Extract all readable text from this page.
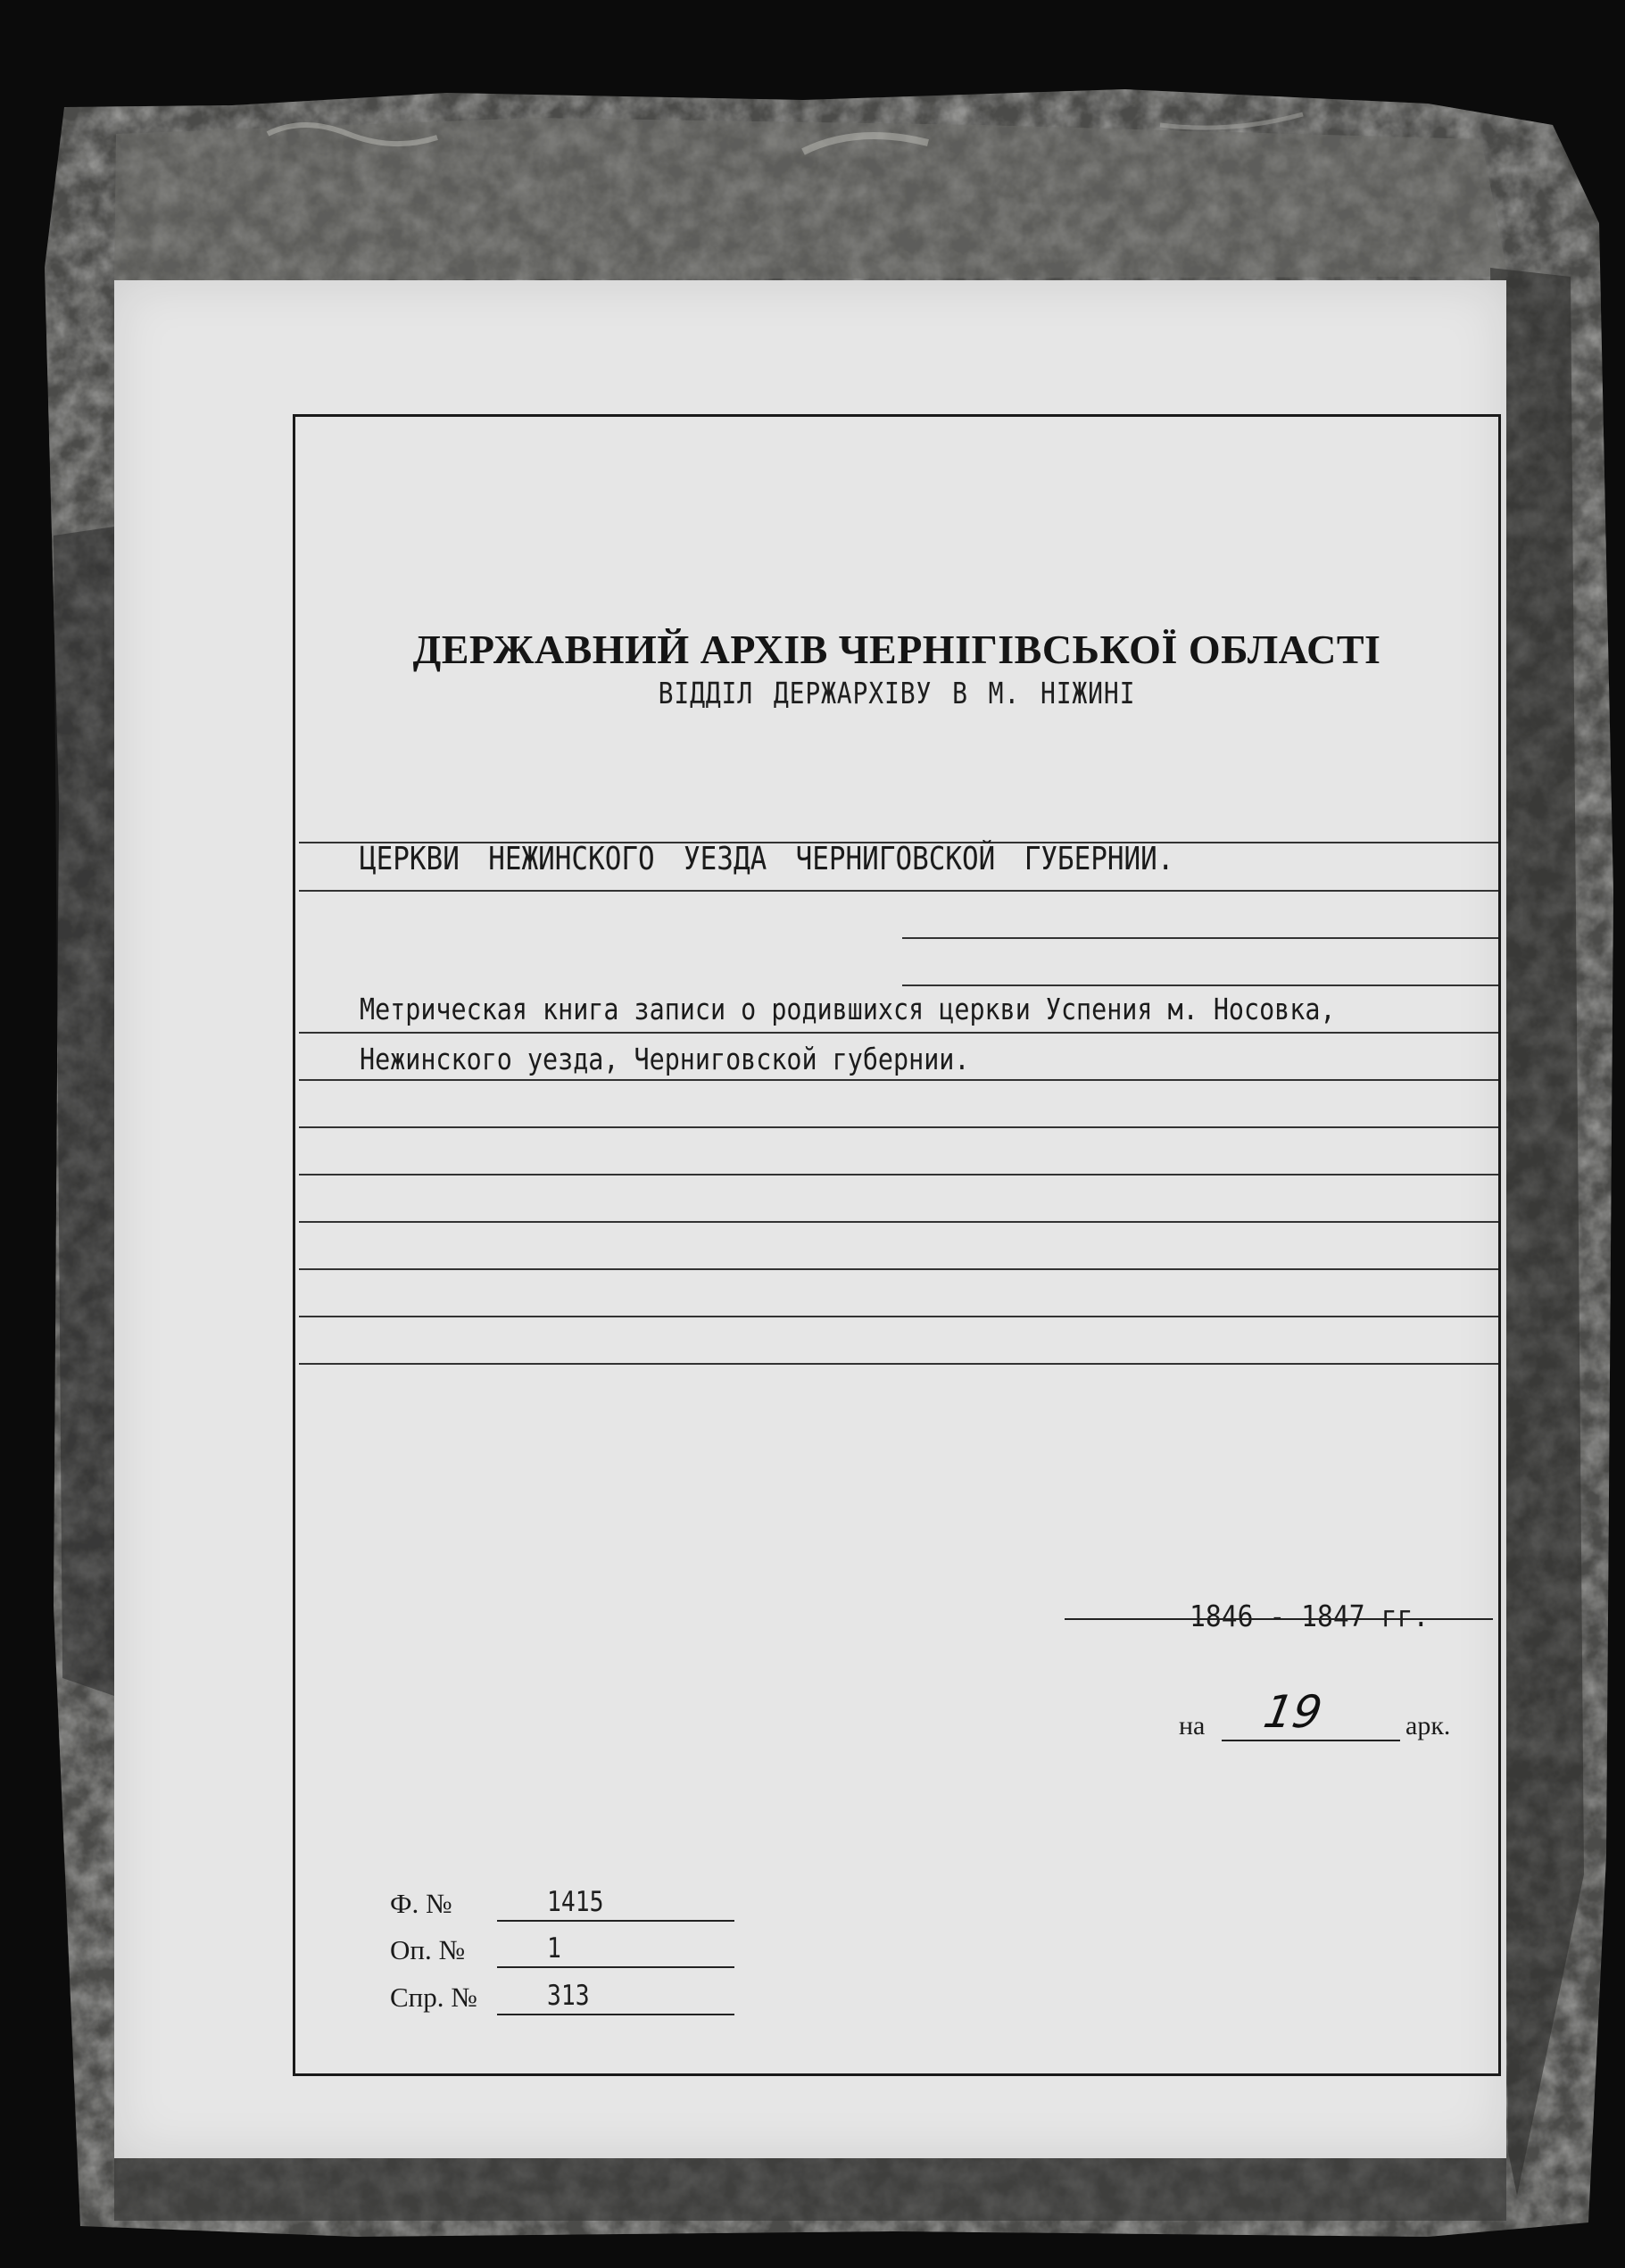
ДЕРЖАВНИЙ АРХІВ ЧЕРНІГІВСЬКОЇ ОБЛАСТІ
ВІДДІЛ ДЕРЖАРХІВУ В М. НІЖИНІ
ЦЕРКВИ НЕЖИНСКОГО УЕЗДА ЧЕРНИГОВСКОЙ ГУБЕРНИИ.
Метрическая книга записи о родившихся церкви Успения м. Носовка,
Нежинского уезда, Черниговской губернии.
1846 - 1847 гг.
на 19	арк.
Ф. №	1415
Оп. №	1
Спр. №	313
